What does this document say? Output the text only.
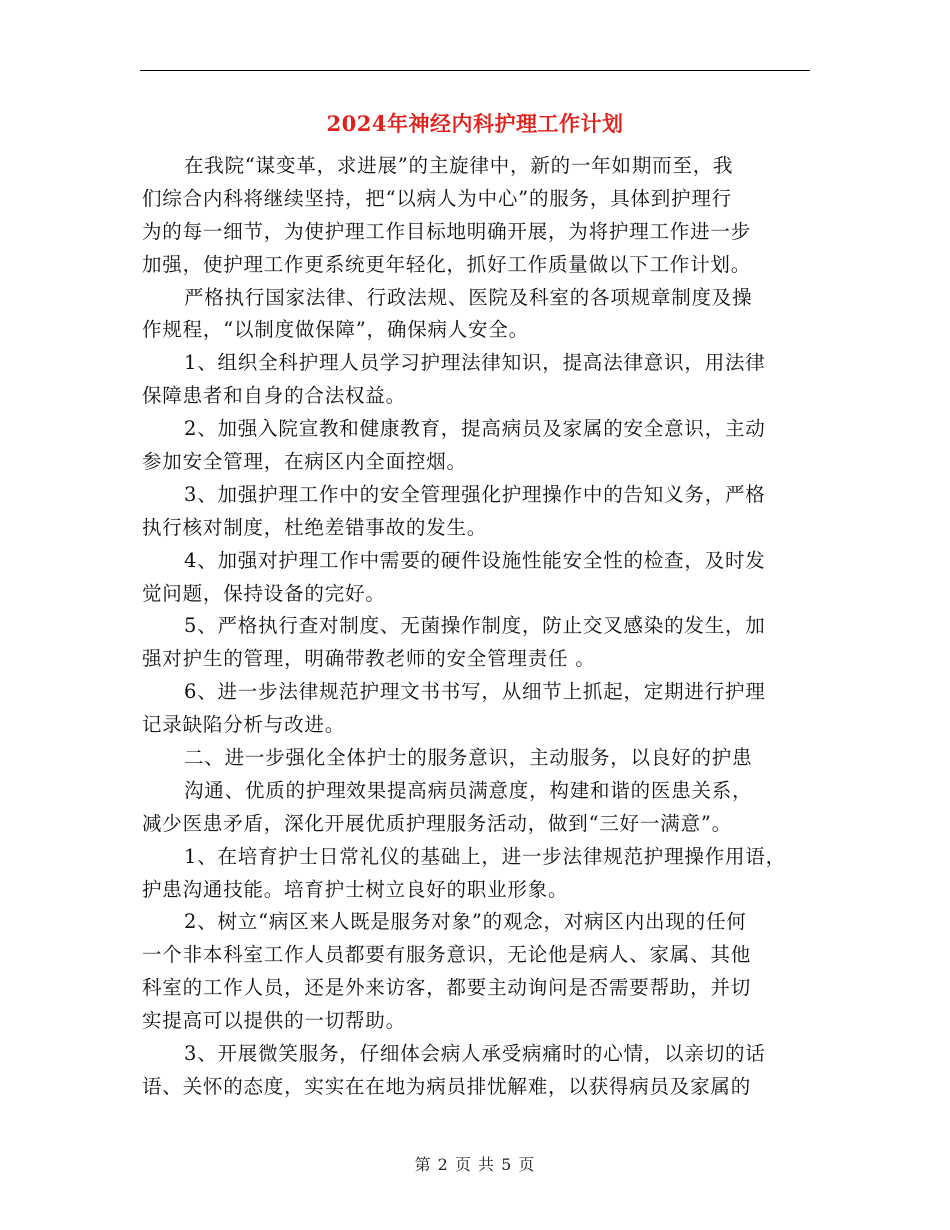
2024年神经内科护理工作计划
在我院“谋变革，求进展”的主旋律中，新的一年如期而至，我
们综合内科将继续坚持，把“以病人为中心”的服务，具体到护理行
为的每一细节，为使护理工作目标地明确开展，为将护理工作进一步
加强，使护理工作更系统更年轻化，抓好工作质量做以下工作计划。
严格执行国家法律、行政法规、医院及科室的各项规章制度及操
作规程，“以制度做保障”，确保病人安全。
1、组织全科护理人员学习护理法律知识，提高法律意识，用法律
保障患者和自身的合法权益。
2、加强入院宣教和健康教育，提高病员及家属的安全意识，主动
参加安全管理，在病区内全面控烟。
3、加强护理工作中的安全管理强化护理操作中的告知义务，严格
执行核对制度，杜绝差错事故的发生。
4、加强对护理工作中需要的硬件设施性能安全性的检查，及时发
觉问题，保持设备的完好。
5、严格执行查对制度、无菌操作制度，防止交叉感染的发生，加
强对护生的管理，明确带教老师的安全管理责任 。
6、进一步法律规范护理文书书写，从细节上抓起，定期进行护理
记录缺陷分析与改进。
二、进一步强化全体护士的服务意识，主动服务，以良好的护患
沟通、优质的护理效果提高病员满意度，构建和谐的医患关系，
减少医患矛盾，深化开展优质护理服务活动，做到“三好一满意”。
1、在培育护士日常礼仪的基础上，进一步法律规范护理操作用语，
护患沟通技能。培育护士树立良好的职业形象。
2、树立“病区来人既是服务对象”的观念，对病区内出现的任何
一个非本科室工作人员都要有服务意识，无论他是病人、家属、其他
科室的工作人员，还是外来访客，都要主动询问是否需要帮助，并切
实提高可以提供的一切帮助。
3、开展微笑服务，仔细体会病人承受病痛时的心情，以亲切的话
语、关怀的态度，实实在在地为病员排忧解难，以获得病员及家属的
第 2 页 共 5 页
